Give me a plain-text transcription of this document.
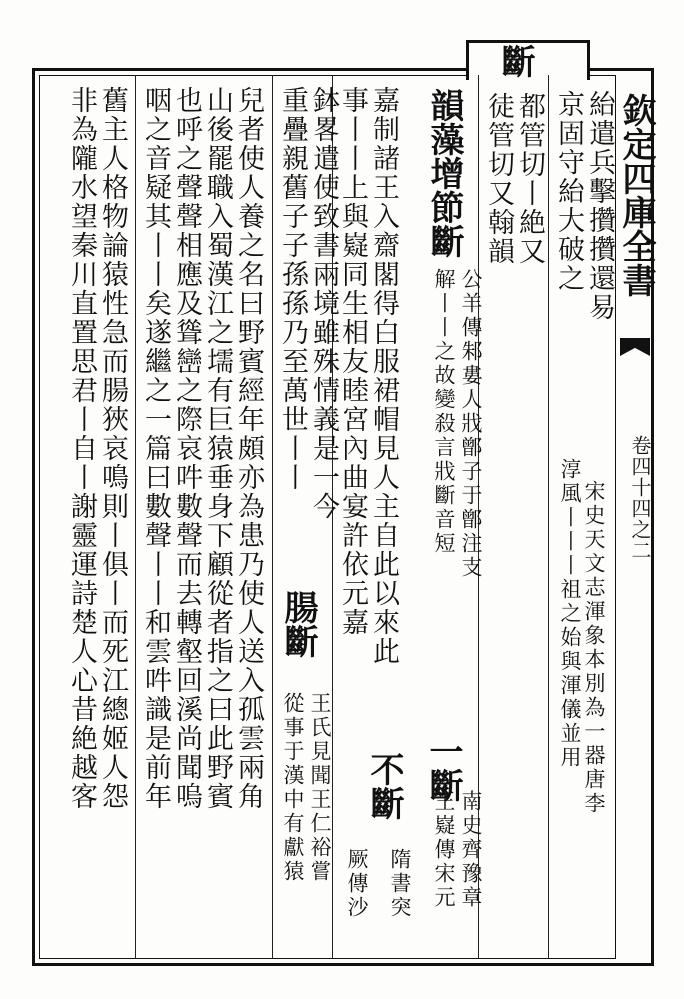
欽定四庫全書
卷四十四之二
紿遣兵擊攢攢還易
京固守紿大破之
淳風丨丨丨祖之始與渾儀並用 宋史天文志渾象本別為一器唐李
斷
都管切丨絶又
徒管切又翰韻
嘉制諸王入齋閣得白服裙帽見人主自此以來此
事丨丨上與嶷同生相友睦宮內曲宴許依元嘉 韻藻增節斷
公羊傳邾婁人戕鄫子于鄫注支
解丨丨之故變殺言戕斷音短
一斷
南史齊豫章
王嶷傳宋元
不斷
隋書突
厥傳沙
鉢畧遣使致書兩境雖殊情義是一今
重疊親舊子子孫孫乃至萬世丨丨
腸斷
王氏見聞王仁裕嘗
從事于漢中有獻猿
兒者使人養之名曰野賓經年頗亦為患乃使人送入孤雲兩角
山後罷職入蜀漢江之壖有巨猿垂身下顧從者指之曰此野賓
也呼之聲聲相應及聳巒之際哀吽數聲而去轉壑回溪尚聞嗚
咽之音疑其丨丨矣遂繼之一篇曰數聲丨丨和雲吽識是前年
舊主人格物論猿性急而腸狹哀鳴則丨俱丨而死江總姬人怨
非為隴水望秦川直置思君丨自丨謝靈運詩楚人心昔絶越客
